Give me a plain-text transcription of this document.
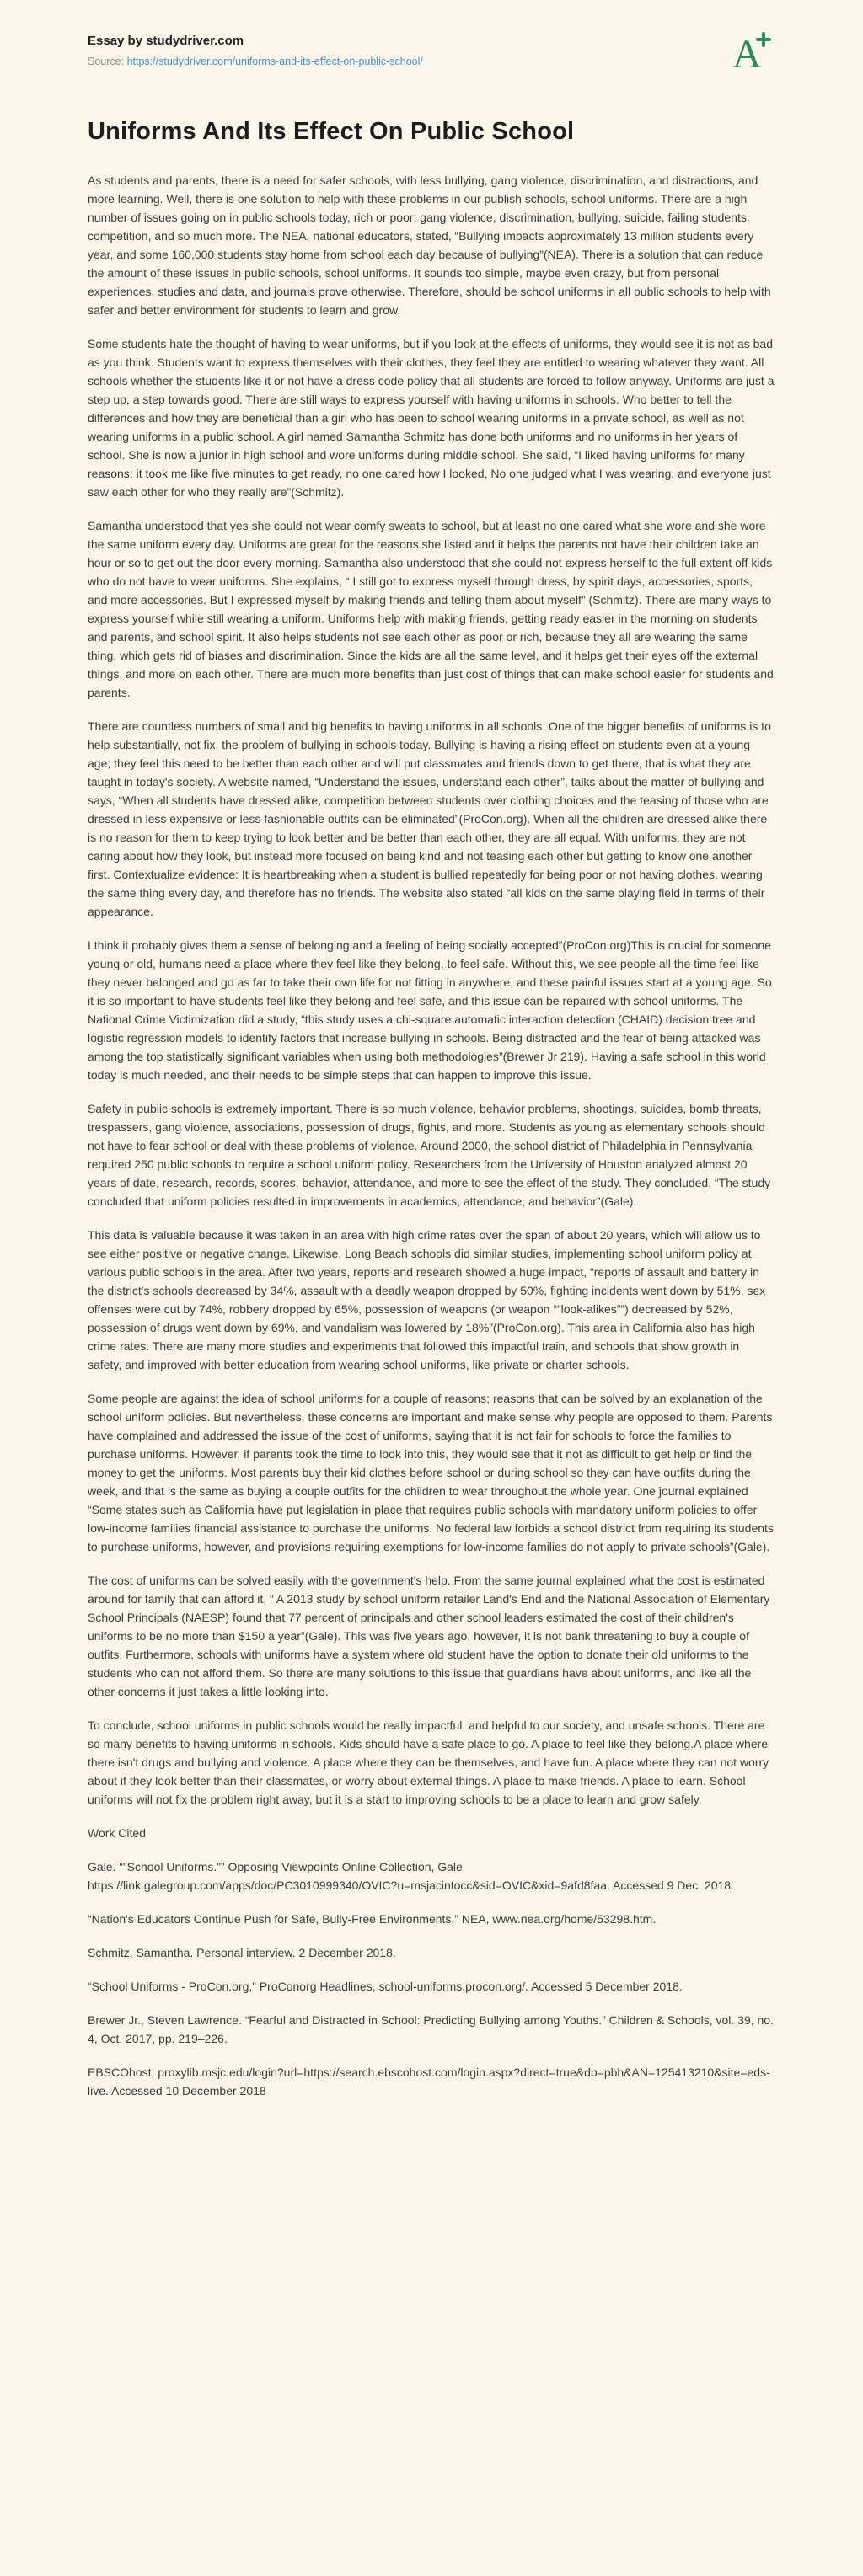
Essay by studydriver.com
Source: https://studydriver.com/uniforms-and-its-effect-on-public-school/	A
Uniforms And Its Effect On Public School

As students and parents, there is a need for safer schools, with less bullying, gang violence, discrimination, and distractions, and more learning. Well, there is one solution to help with these problems in our publish schools, school uniforms. There are a high number of issues going on in public schools today, rich or poor: gang violence, discrimination, bullying, suicide, failing students, competition, and so much more. The NEA, national educators, stated, “Bullying impacts approximately 13 million students every year, and some 160,000 students stay home from school each day because of bullying”(NEA). There is a solution that can reduce the amount of these issues in public schools, school uniforms. It sounds too simple, maybe even crazy, but from personal experiences, studies and data, and journals prove otherwise. Therefore, should be school uniforms in all public schools to help with safer and better environment for students to learn and grow.

Some students hate the thought of having to wear uniforms, but if you look at the effects of uniforms, they would see it is not as bad as you think. Students want to express themselves with their clothes, they feel they are entitled to wearing whatever they want. All schools whether the students like it or not have a dress code policy that all students are forced to follow anyway. Uniforms are just a step up, a step towards good. There are still ways to express yourself with having uniforms in schools. Who better to tell the differences and how they are beneficial than a girl who has been to school wearing uniforms in a private school, as well as not wearing uniforms in a public school. A girl named Samantha Schmitz has done both uniforms and no uniforms in her years of school. She is now a junior in high school and wore uniforms during middle school. She said, “I liked having uniforms for many reasons: it took me like five minutes to get ready, no one cared how I looked, No one judged what I was wearing, and everyone just saw each other for who they really are”(Schmitz).

Samantha understood that yes she could not wear comfy sweats to school, but at least no one cared what she wore and she wore the same uniform every day. Uniforms are great for the reasons she listed and it helps the parents not have their children take an hour or so to get out the door every morning. Samantha also understood that she could not express herself to the full extent off kids who do not have to wear uniforms. She explains, “ I still got to express myself through dress, by spirit days, accessories, sports, and more accessories. But I expressed myself by making friends and telling them about myself” (Schmitz). There are many ways to express yourself while still wearing a uniform. Uniforms help with making friends, getting ready easier in the morning on students and parents, and school spirit. It also helps students not see each other as poor or rich, because they all are wearing the same thing, which gets rid of biases and discrimination. Since the kids are all the same level, and it helps get their eyes off the external things, and more on each other. There are much more benefits than just cost of things that can make school easier for students and parents.

There are countless numbers of small and big benefits to having uniforms in all schools. One of the bigger benefits of uniforms is to help substantially, not fix, the problem of bullying in schools today. Bullying is having a rising effect on students even at a young age; they feel this need to be better than each other and will put classmates and friends down to get there, that is what they are taught in today's society. A website named, “Understand the issues, understand each other”, talks about the matter of bullying and says, “When all students have dressed alike, competition between students over clothing choices and the teasing of those who are dressed in less expensive or less fashionable outfits can be eliminated”(ProCon.org). When all the children are dressed alike there is no reason for them to keep trying to look better and be better than each other, they are all equal. With uniforms, they are not caring about how they look, but instead more focused on being kind and not teasing each other but getting to know one another first. Contextualize evidence: It is heartbreaking when a student is bullied repeatedly for being poor or not having clothes, wearing the same thing every day, and therefore has no friends. The website also stated “all kids on the same playing field in terms of their appearance.

I think it probably gives them a sense of belonging and a feeling of being socially accepted”(ProCon.org)This is crucial for someone young or old, humans need a place where they feel like they belong, to feel safe. Without this, we see people all the time feel like they never belonged and go as far to take their own life for not fitting in anywhere, and these painful issues start at a young age. So it is so important to have students feel like they belong and feel safe, and this issue can be repaired with school uniforms. The National Crime Victimization did a study, “this study uses a chi-square automatic interaction detection (CHAID) decision tree and logistic regression models to identify factors that increase bullying in schools. Being distracted and the fear of being attacked was among the top statistically significant variables when using both methodologies”(Brewer Jr 219). Having a safe school in this world today is much needed, and their needs to be simple steps that can happen to improve this issue.

Safety in public schools is extremely important. There is so much violence, behavior problems, shootings, suicides, bomb threats, trespassers, gang violence, associations, possession of drugs, fights, and more. Students as young as elementary schools should not have to fear school or deal with these problems of violence. Around 2000, the school district of Philadelphia in Pennsylvania required 250 public schools to require a school uniform policy. Researchers from the University of Houston analyzed almost 20 years of date, research, records, scores, behavior, attendance, and more to see the effect of the study. They concluded, “The study concluded that uniform policies resulted in improvements in academics, attendance, and behavior”(Gale).

This data is valuable because it was taken in an area with high crime rates over the span of about 20 years, which will allow us to see either positive or negative change. Likewise, Long Beach schools did similar studies, implementing school uniform policy at various public schools in the area. After two years, reports and research showed a huge impact, “reports of assault and battery in the district's schools decreased by 34%, assault with a deadly weapon dropped by 50%, fighting incidents went down by 51%, sex offenses were cut by 74%, robbery dropped by 65%, possession of weapons (or weapon “”look-alikes””) decreased by 52%, possession of drugs went down by 69%, and vandalism was lowered by 18%”(ProCon.org). This area in California also has high crime rates. There are many more studies and experiments that followed this impactful train, and schools that show growth in safety, and improved with better education from wearing school uniforms, like private or charter schools.

Some people are against the idea of school uniforms for a couple of reasons; reasons that can be solved by an explanation of the school uniform policies. But nevertheless, these concerns are important and make sense why people are opposed to them. Parents have complained and addressed the issue of the cost of uniforms, saying that it is not fair for schools to force the families to purchase uniforms. However, if parents took the time to look into this, they would see that it not as difficult to get help or find the money to get the uniforms. Most parents buy their kid clothes before school or during school so they can have outfits during the week, and that is the same as buying a couple outfits for the children to wear throughout the whole year. One journal explained “Some states such as California have put legislation in place that requires public schools with mandatory uniform policies to offer low-income families financial assistance to purchase the uniforms. No federal law forbids a school district from requiring its students to purchase uniforms, however, and provisions requiring exemptions for low-income families do not apply to private schools”(Gale).

The cost of uniforms can be solved easily with the government's help. From the same journal explained what the cost is estimated around for family that can afford it, “ A 2013 study by school uniform retailer Land's End and the National Association of Elementary School Principals (NAESP) found that 77 percent of principals and other school leaders estimated the cost of their children's uniforms to be no more than $150 a year”(Gale). This was five years ago, however, it is not bank threatening to buy a couple of outfits. Furthermore, schools with uniforms have a system where old student have the option to donate their old uniforms to the students who can not afford them. So there are many solutions to this issue that guardians have about uniforms, and like all the other concerns it just takes a little looking into.

To conclude, school uniforms in public schools would be really impactful, and helpful to our society, and unsafe schools. There are so many benefits to having uniforms in schools. Kids should have a safe place to go. A place to feel like they belong.A place where there isn't drugs and bullying and violence. A place where they can be themselves, and have fun. A place where they can not worry about if they look better than their classmates, or worry about external things. A place to make friends. A place to learn. School uniforms will not fix the problem right away, but it is a start to improving schools to be a place to learn and grow safely.

Work Cited

Gale. “”School Uniforms.”” Opposing Viewpoints Online Collection, Gale https://link.galegroup.com/apps/doc/PC3010999340/OVIC?u=msjacintocc&sid=OVIC&xid=9afd8faa. Accessed 9 Dec. 2018.

“Nation's Educators Continue Push for Safe, Bully-Free Environments.” NEA, www.nea.org/home/53298.htm.

Schmitz, Samantha. Personal interview. 2 December 2018.

“School Uniforms - ProCon.org,” ProConorg Headlines, school-uniforms.procon.org/. Accessed 5 December 2018.

Brewer Jr., Steven Lawrence. “Fearful and Distracted in School: Predicting Bullying among Youths.” Children & Schools, vol. 39, no. 4, Oct. 2017, pp. 219–226.

EBSCOhost, proxylib.msjc.edu/login?url=https://search.ebscohost.com/login.aspx?direct=true&db=pbh&AN=125413210&site=eds-live. Accessed 10 December 2018
